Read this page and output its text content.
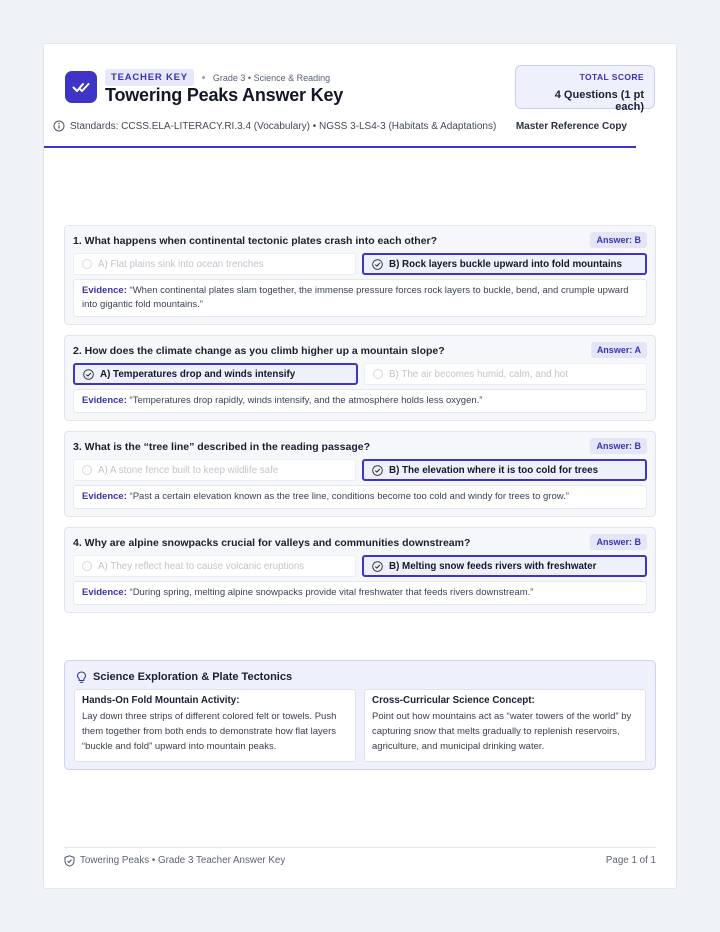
TEACHER KEY	Grade 3 • Science & Reading
Towering Peaks Answer Key
TOTAL SCORE
4 Questions (1 pt each)
Standards: CCSS.ELA-LITERACY.RI.3.4 (Vocabulary) • NGSS 3-LS4-3 (Habitats & Adaptations) Master Reference Copy
1. What happens when continental tectonic plates crash into each other?	Answer: B
A) Flat plains sink into ocean trenches	B) Rock layers buckle upward into fold mountains
Evidence: “When continental plates slam together, the immense pressure forces rock layers to buckle, bend, and crumple upward into gigantic fold mountains.”
2. How does the climate change as you climb higher up a mountain slope?	Answer: A
A) Temperatures drop and winds intensify	B) The air becomes humid, calm, and hot
Evidence: “Temperatures drop rapidly, winds intensify, and the atmosphere holds less oxygen.”
3. What is the “tree line” described in the reading passage?	Answer: B
A) A stone fence built to keep wildlife safe	B) The elevation where it is too cold for trees
Evidence: “Past a certain elevation known as the tree line, conditions become too cold and windy for trees to grow.”
4. Why are alpine snowpacks crucial for valleys and communities downstream?	Answer: B
A) They reflect heat to cause volcanic eruptions	B) Melting snow feeds rivers with freshwater
Evidence: “During spring, melting alpine snowpacks provide vital freshwater that feeds rivers downstream.”
Science Exploration & Plate Tectonics
Hands-On Fold Mountain Activity:
Lay down three strips of different colored felt or towels. Push them together from both ends to demonstrate how flat layers “buckle and fold” upward into mountain peaks.
Cross-Curricular Science Concept:
Point out how mountains act as “water towers of the world” by capturing snow that melts gradually to replenish reservoirs, agriculture, and municipal drinking water.
Towering Peaks • Grade 3 Teacher Answer Key	Page 1 of 1
